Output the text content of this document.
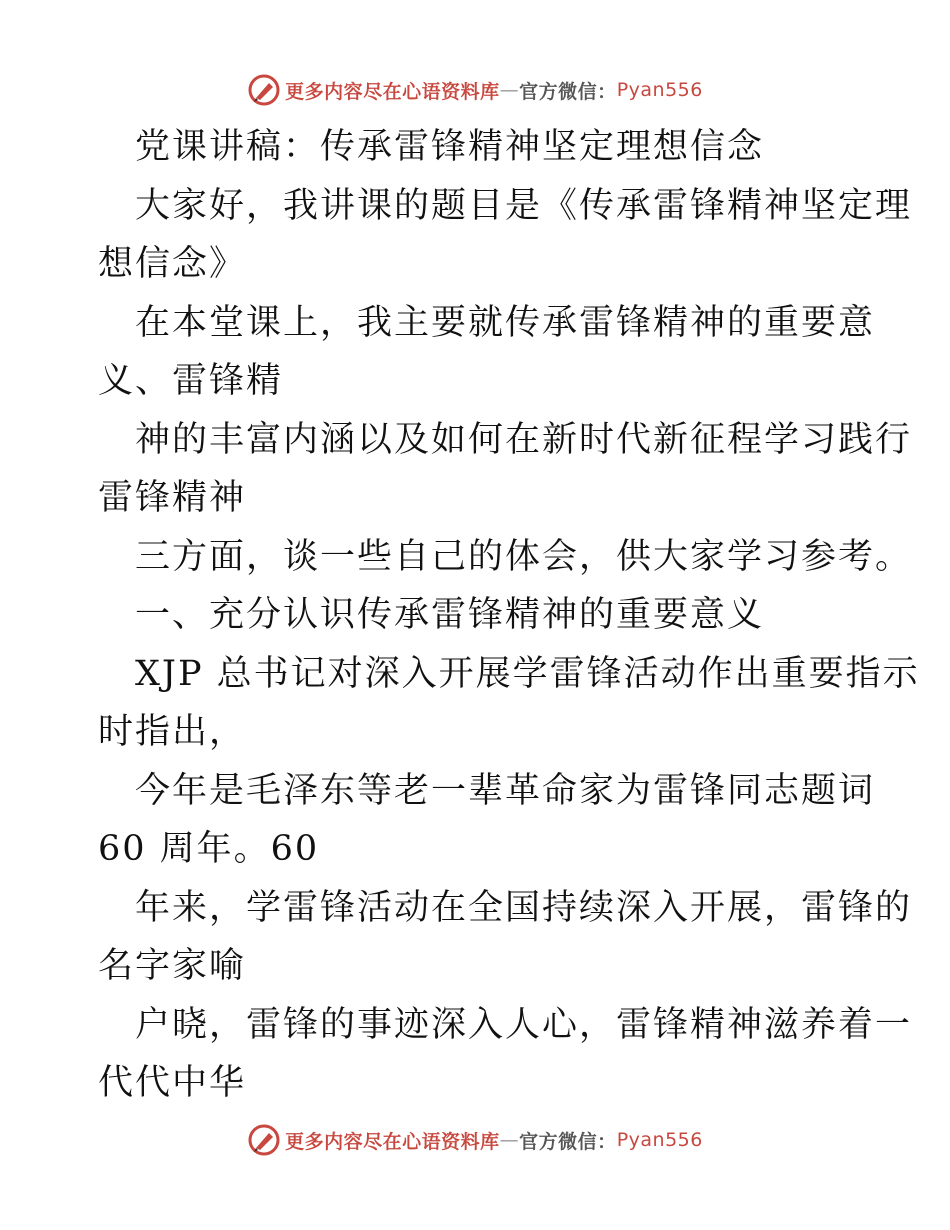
更多内容尽在心语资料库 — 官方微信： Pyan556
党课讲稿：传承雷锋精神坚定理想信念
大家好，我讲课的题目是《传承雷锋精神坚定理
想信念》
在本堂课上，我主要就传承雷锋精神的重要意
义、雷锋精
神的丰富内涵以及如何在新时代新征程学习践行
雷锋精神
三方面，谈一些自己的体会，供大家学习参考。
一、充分认识传承雷锋精神的重要意义
XJP 总书记对深入开展学雷锋活动作出重要指示
时指出，
今年是毛泽东等老一辈革命家为雷锋同志题词
60 周年。60
年来，学雷锋活动在全国持续深入开展，雷锋的
名字家喻
户晓，雷锋的事迹深入人心，雷锋精神滋养着一
代代中华
更多内容尽在心语资料库 — 官方微信： Pyan556
